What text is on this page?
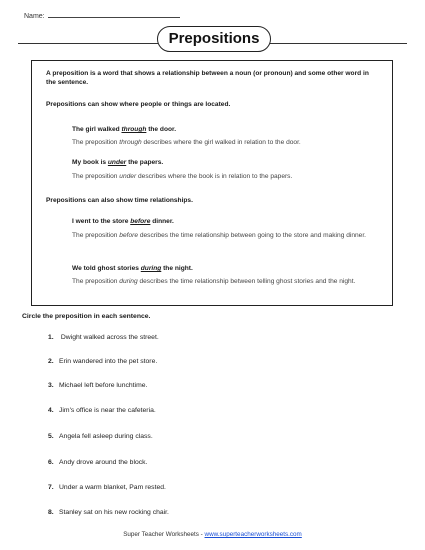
Name:
Prepositions
A preposition is a word that shows a relationship between a noun (or pronoun) and some other word in the sentence.
Prepositions can show where people or things are located.
The girl walked through the door.
The preposition through describes where the girl walked in relation to the door.
My book is under the papers.
The preposition under describes where the book is in relation to the papers.
Prepositions can also show time relationships.
I went to the store before dinner.
The preposition before describes the time relationship between going to the store and making dinner.
We told ghost stories during the night.
The preposition during describes the time relationship between telling ghost stories and the night.
Circle the preposition in each sentence.
1. Dwight walked across the street.
2. Erin wandered into the pet store.
3. Michael left before lunchtime.
4. Jim's office is near the cafeteria.
5. Angela fell asleep during class.
6. Andy drove around the block.
7. Under a warm blanket, Pam rested.
8. Stanley sat on his new rocking chair.
Super Teacher Worksheets - www.superteacherworksheets.com
